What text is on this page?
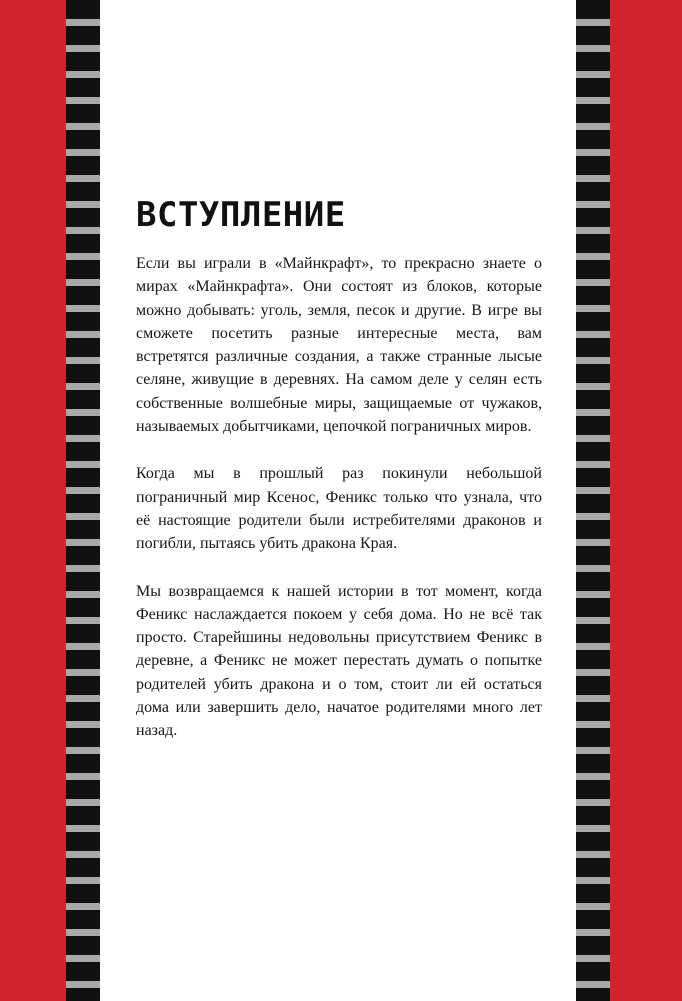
ВСТУПЛЕНИЕ

Если вы играли в «Майнкрафт», то прекрасно знаете о мирах «Майнкрафта». Они состоят из блоков, которые можно добывать: уголь, земля, песок и другие. В игре вы сможете посетить разные интересные места, вам встретятся различные создания, а также странные лысые селяне, живущие в деревнях. На самом деле у селян есть собственные волшебные миры, защищаемые от чужаков, называемых добытчиками, цепочкой пограничных миров.

Когда мы в прошлый раз покинули небольшой пограничный мир Ксенос, Феникс только что узнала, что её настоящие родители были истребителями драконов и погибли, пытаясь убить дракона Края.

Мы возвращаемся к нашей истории в тот момент, когда Феникс наслаждается покоем у себя дома. Но не всё так просто. Старейшины недовольны присутствием Феникс в деревне, а Феникс не может перестать думать о попытке родителей убить дракона и о том, стоит ли ей остаться дома или завершить дело, начатое родителями много лет назад.
